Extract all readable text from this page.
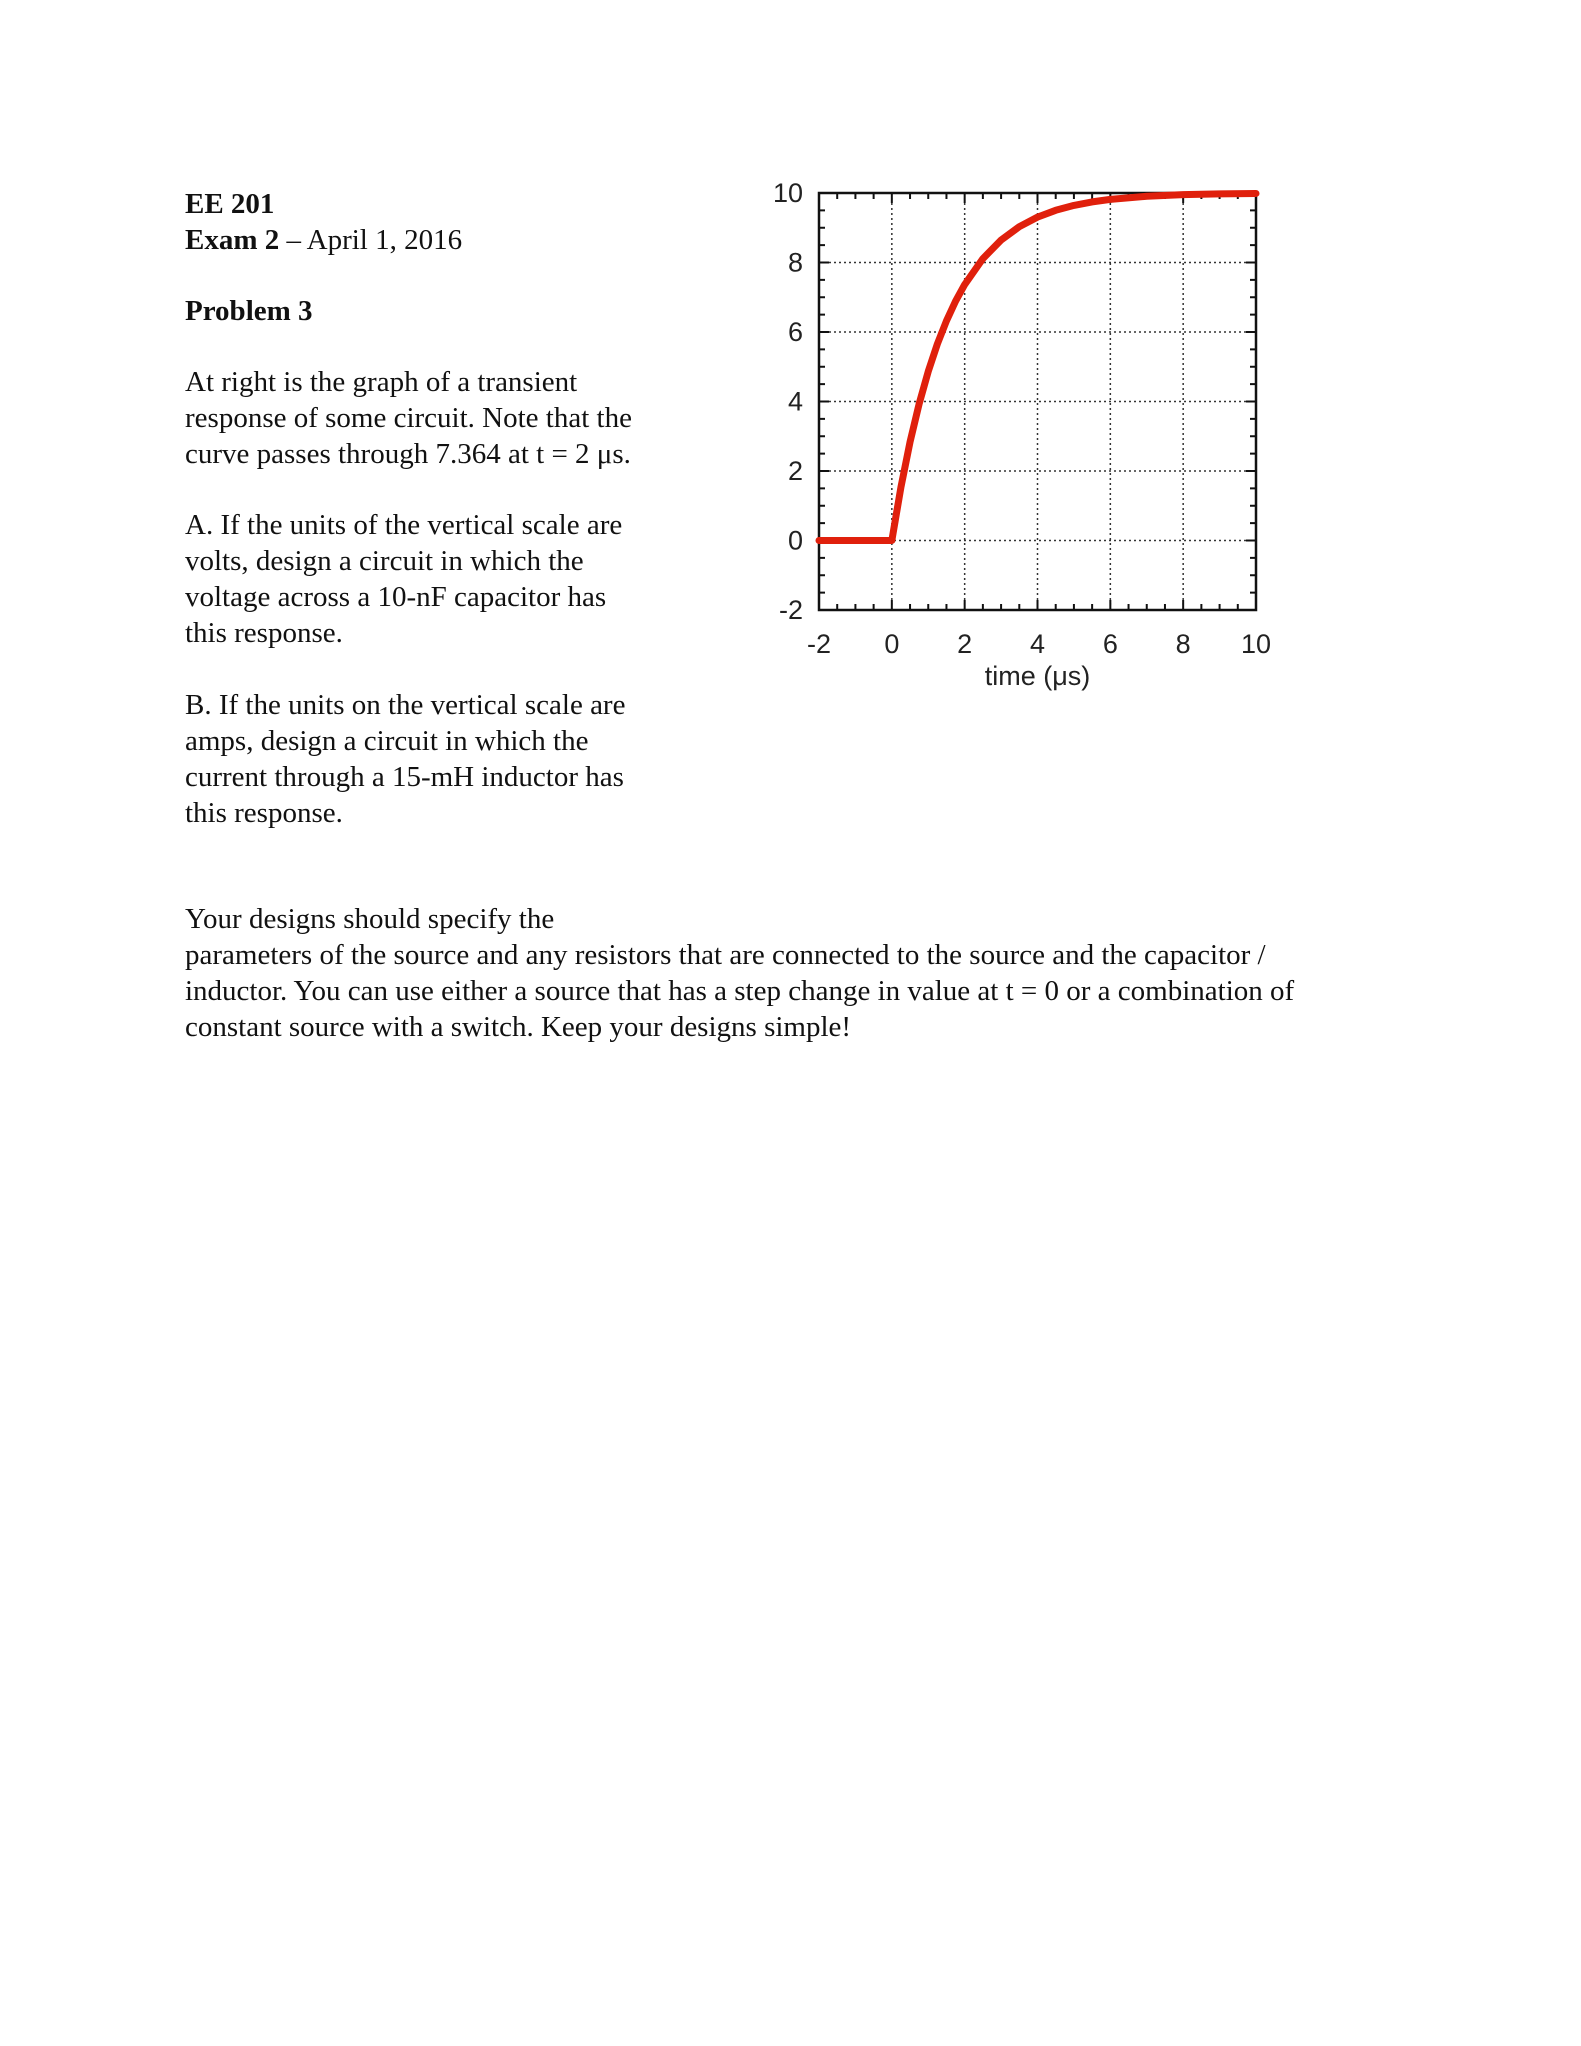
EE 201
Exam 2 – April 1, 2016
Problem 3
At right is the graph of a transient
response of some circuit. Note that the
curve passes through 7.364 at t = 2 μs.
A. If the units of the vertical scale are
volts, design a circuit in which the
voltage across a 10-nF capacitor has
this response.
B. If the units on the vertical scale are
amps, design a circuit in which the
current through a 15-mH inductor has
this response.
Your designs should specify the
parameters of the source and any resistors that are connected to the source and the capacitor /
inductor. You can use either a source that has a step change in value at t = 0 or a combination of
constant source with a switch. Keep your designs simple!
-2 0 2 4 6 8 10
-2
0
2
4
6
8
10
time (μs)
